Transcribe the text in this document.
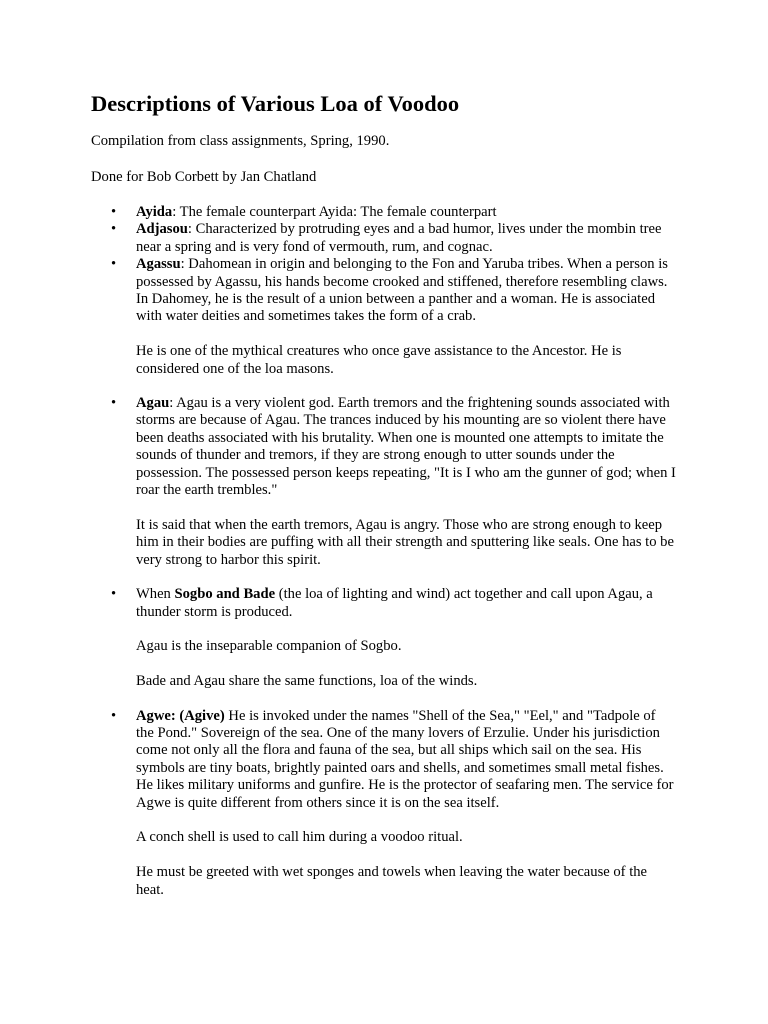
Descriptions of Various Loa of Voodoo

Compilation from class assignments, Spring, 1990.

Done for Bob Corbett by Jan Chatland

• Ayida: The female counterpart Ayida: The female counterpart

• Adjasou: Characterized by protruding eyes and a bad humor, lives under the mombin tree near a spring and is very fond of vermouth, rum, and cognac.

• Agassu: Dahomean in origin and belonging to the Fon and Yaruba tribes. When a person is possessed by Agassu, his hands become crooked and stiffened, therefore resembling claws. In Dahomey, he is the result of a union between a panther and a woman. He is associated with water deities and sometimes takes the form of a crab.

He is one of the mythical creatures who once gave assistance to the Ancestor. He is considered one of the loa masons.

• Agau: Agau is a very violent god. Earth tremors and the frightening sounds associated with storms are because of Agau. The trances induced by his mounting are so violent there have been deaths associated with his brutality. When one is mounted one attempts to imitate the sounds of thunder and tremors, if they are strong enough to utter sounds under the possession. The possessed person keeps repeating, "It is I who am the gunner of god; when I roar the earth trembles."

It is said that when the earth tremors, Agau is angry. Those who are strong enough to keep him in their bodies are puffing with all their strength and sputtering like seals. One has to be very strong to harbor this spirit.

• When Sogbo and Bade (the loa of lighting and wind) act together and call upon Agau, a thunder storm is produced.

Agau is the inseparable companion of Sogbo.

Bade and Agau share the same functions, loa of the winds.

• Agwe: (Agive) He is invoked under the names "Shell of the Sea," "Eel," and "Tadpole of the Pond." Sovereign of the sea. One of the many lovers of Erzulie. Under his jurisdiction come not only all the flora and fauna of the sea, but all ships which sail on the sea. His symbols are tiny boats, brightly painted oars and shells, and sometimes small metal fishes. He likes military uniforms and gunfire. He is the protector of seafaring men. The service for Agwe is quite different from others since it is on the sea itself.

A conch shell is used to call him during a voodoo ritual.

He must be greeted with wet sponges and towels when leaving the water because of the heat.
